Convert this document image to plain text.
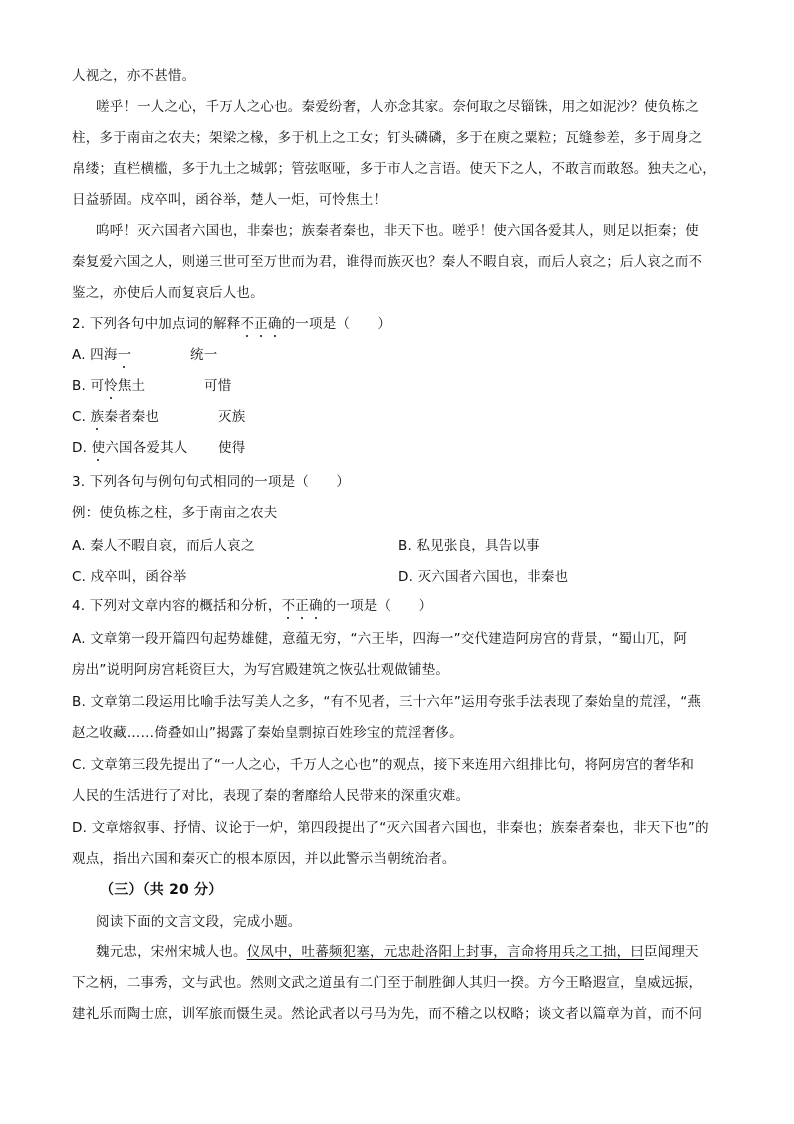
人视之，亦不甚惜。
嗟乎！一人之心，千万人之心也。秦爱纷奢，人亦念其家。奈何取之尽锱铢，用之如泥沙？使负栋之
柱，多于南亩之农夫；架梁之椽，多于机上之工女；钉头磷磷，多于在庾之粟粒；瓦缝参差，多于周身之
帛缕；直栏横槛，多于九土之城郭；管弦呕哑，多于市人之言语。使天下之人，不敢言而敢怒。独夫之心，
日益骄固。戍卒叫，函谷举，楚人一炬，可怜焦土！
呜呼！灭六国者六国也，非秦也；族秦者秦也，非天下也。嗟乎！使六国各爱其人，则足以拒秦；使
秦复爱六国之人，则递三世可至万世而为君，谁得而族灭也？秦人不暇自哀，而后人哀之；后人哀之而不
鉴之，亦使后人而复哀后人也。
2. 下列各句中加点词的解释不正确的一项是（　　）
A. 四海一	统一
B. 可怜焦土	可惜
C. 族秦者秦也	灭族
D. 使六国各爱其人 使得
3. 下列各句与例句句式相同的一项是（　　）
例：使负栋之柱，多于南亩之农夫
A. 秦人不暇自哀，而后人哀之	B. 私见张良，具告以事
C. 戍卒叫，函谷举	D. 灭六国者六国也，非秦也
4. 下列对文章内容的概括和分析，不正确的一项是（　　）
A. 文章第一段开篇四句起势雄健，意蕴无穷，“六王毕，四海一”交代建造阿房宫的背景，“蜀山兀，阿
房出”说明阿房宫耗资巨大，为写宫殿建筑之恢弘壮观做铺垫。
B. 文章第二段运用比喻手法写美人之多，“有不见者，三十六年”运用夸张手法表现了秦始皇的荒淫，“燕
赵之收藏……倚叠如山”揭露了秦始皇剽掠百姓珍宝的荒淫奢侈。
C. 文章第三段先提出了“一人之心，千万人之心也”的观点，接下来连用六组排比句，将阿房宫的奢华和
人民的生活进行了对比，表现了秦的奢靡给人民带来的深重灾难。
D. 文章熔叙事、抒情、议论于一炉，第四段提出了“灭六国者六国也，非秦也；族秦者秦也，非天下也”的
观点，指出六国和秦灭亡的根本原因，并以此警示当朝统治者。
（三）（共 20 分）
阅读下面的文言文段，完成小题。
魏元忠，宋州宋城人也。仪凤中，吐蕃频犯塞，元忠赴洛阳上封事，言命将用兵之工拙，曰臣闻理天
下之柄，二事秀，文与武也。然则文武之道虽有二门至于制胜御人其归一揆。方今王略遐宣，皇威远振，
建礼乐而陶士庶，训军旅而慑生灵。然论武者以弓马为先，而不稽之以权略；谈文者以篇章为首，而不问
